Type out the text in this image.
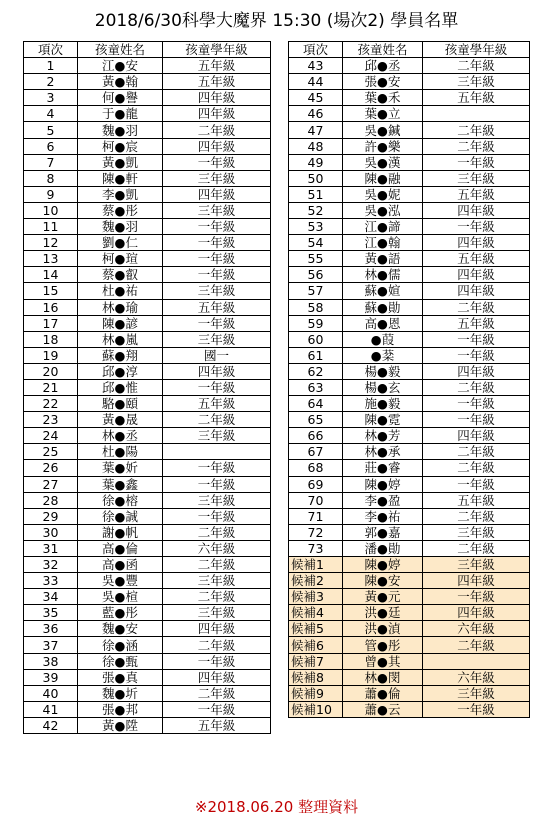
2018/6/30科學大魔界 15:30 (場次2) 學員名單
項次	孩童姓名	孩童學年級
1	江●安	五年級
2	黃●翰	五年級
3	何●譽	四年級
4	于●龍	四年級
5	魏●羽	二年級
6	柯●宸	四年級
7	黃●凱	一年級
8	陳●軒	三年級
9	李●凱	四年級
10	蔡●彤	三年級
11	魏●羽	一年級
12	劉●仁	一年級
13	柯●瑄	一年級
14	蔡●叡	一年級
15	杜●祐	三年級
16	林●瑜	五年級
17	陳●諺	一年級
18	林●嵐	三年級
19	蘇●翔	國一
20	邱●淳	四年級
21	邱●惟	一年級
22	駱●頤	五年級
23	黃●晟	二年級
24	林●丞	三年級
25	杜●陽	
26	葉●妡	一年級
27	葉●鑫	一年級
28	徐●榕	三年級
29	徐●誠	一年級
30	謝●帆	二年級
31	高●倫	六年級
32	高●函	二年級
33	吳●豐	三年級
34	吳●楦	二年級
35	藍●彤	三年級
36	魏●安	四年級
37	徐●涵	二年級
38	徐●甄	一年級
39	張●真	四年級
40	魏●圻	二年級
41	張●邦	一年級
42	黃●陞	五年級
項次	孩童姓名	孩童學年級
43	邱●丞	二年級
44	張●安	三年級
45	葉●禾	五年級
46	葉●立	
47	吳●鍼	二年級
48	許●樂	二年級
49	吳●漢	一年級
50	陳●融	三年級
51	吳●妮	五年級
52	吳●泓	四年級
53	江●諦	一年級
54	江●翰	四年級
55	黃●語	五年級
56	林●儒	四年級
57	蘇●媗	四年級
58	蘇●勛	二年級
59	高●恩	五年級
60	●葭	一年級
61	●棻	一年級
62	楊●毅	四年級
63	楊●玄	二年級
64	施●毅	一年級
65	陳●霓	一年級
66	林●芳	四年級
67	林●承	二年級
68	莊●睿	二年級
69	陳●婷	一年級
70	李●盈	五年級
71	李●祐	二年級
72	郭●嘉	三年級
73	潘●勛	二年級
候補1	陳●婷	三年級
候補2	陳●安	四年級
候補3	黃●元	一年級
候補4	洪●廷	四年級
候補5	洪●湞	六年級
候補6	管●彤	二年級
候補7	曾●其	
候補8	林●閔	六年級
候補9	蕭●倫	三年級
候補10	蕭●云	一年級
※2018.06.20 整理資料
